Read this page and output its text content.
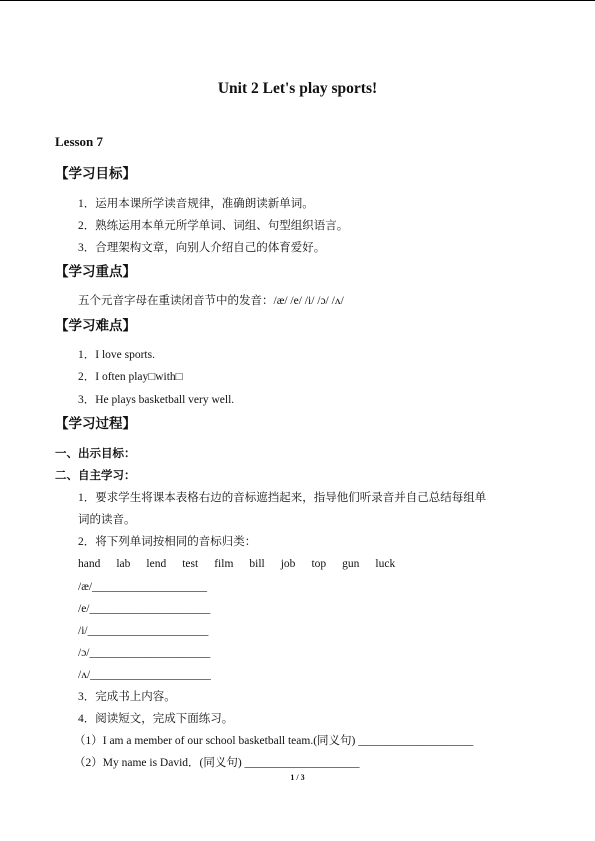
Unit 2 Let's play sports!
Lesson 7
【学习目标】
1．运用本课所学读音规律，准确朗读新单词。
2．熟练运用本单元所学单词、词组、句型组织语言。
3．合理架构文章，向别人介绍自己的体育爱好。
【学习重点】
五个元音字母在重读闭音节中的发音：/æ/ /e/ /i/ /ɔ/ /ʌ/
【学习难点】
1．I love sports.
2．I often play□with□
3．He plays basketball very well.
【学习过程】
一、出示目标：
二、自主学习：
1．要求学生将课本表格右边的音标遮挡起来，指导他们听录音并自己总结每组单
词的读音。
2．将下列单词按相同的音标归类：
hand lab lend test film bill job top gun luck
/æ/____________________
/e/_____________________
/i/_____________________
/ɔ/_____________________
/ʌ/_____________________
3．完成书上内容。
4．阅读短文，完成下面练习。
（1）I am a member of our school basketball team.(同义句) ____________________
（2）My name is David．(同义句) ____________________
1 / 3
